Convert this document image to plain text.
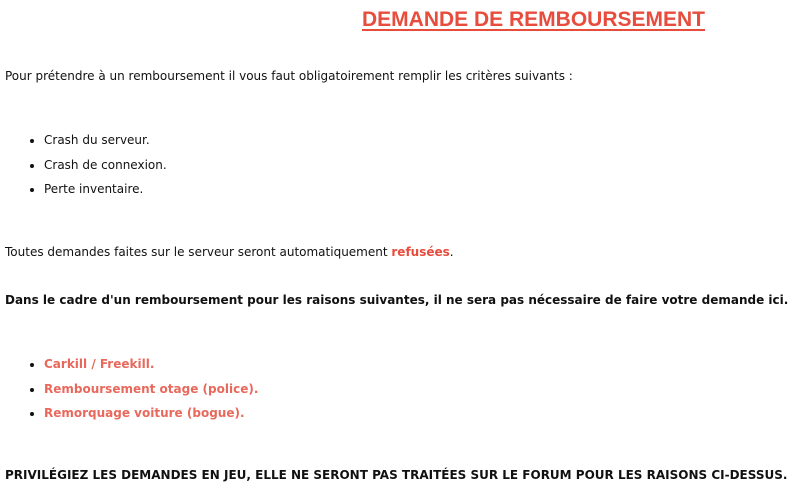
DEMANDE DE REMBOURSEMENT

Pour prétendre à un remboursement il vous faut obligatoirement remplir les critères suivants :

• Crash du serveur.
• Crash de connexion.
• Perte inventaire.

Toutes demandes faites sur le serveur seront automatiquement refusées.

Dans le cadre d'un remboursement pour les raisons suivantes, il ne sera pas nécessaire de faire votre demande ici.

• Carkill / Freekill.
• Remboursement otage (police).
• Remorquage voiture (bogue).

PRIVILÉGIEZ LES DEMANDES EN JEU, ELLE NE SERONT PAS TRAITÉES SUR LE FORUM POUR LES RAISONS CI-DESSUS.
